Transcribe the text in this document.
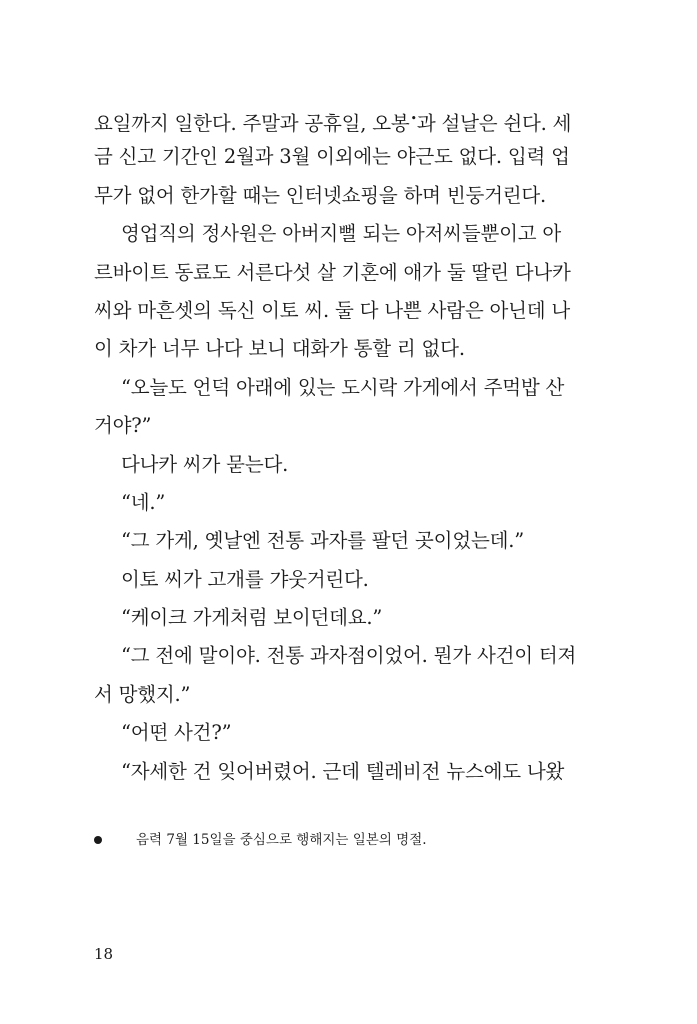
요일까지 일한다. 주말과 공휴일, 오봉•과 설날은 쉰다. 세
금 신고 기간인 2월과 3월 이외에는 야근도 없다. 입력 업
무가 없어 한가할 때는 인터넷쇼핑을 하며 빈둥거린다.
영업직의 정사원은 아버지뻘 되는 아저씨들뿐이고 아
르바이트 동료도 서른다섯 살 기혼에 애가 둘 딸린 다나카
씨와 마흔셋의 독신 이토 씨. 둘 다 나쁜 사람은 아닌데 나
이 차가 너무 나다 보니 대화가 통할 리 없다.
“오늘도 언덕 아래에 있는 도시락 가게에서 주먹밥 산
거야?”
다나카 씨가 묻는다.
“네.”
“그 가게, 옛날엔 전통 과자를 팔던 곳이었는데.”
이토 씨가 고개를 갸웃거린다.
“케이크 가게처럼 보이던데요.”
“그 전에 말이야. 전통 과자점이었어. 뭔가 사건이 터져
서 망했지.”
“어떤 사건?”
“자세한 건 잊어버렸어. 근데 텔레비전 뉴스에도 나왔
음력 7월 15일을 중심으로 행해지는 일본의 명절.
18
